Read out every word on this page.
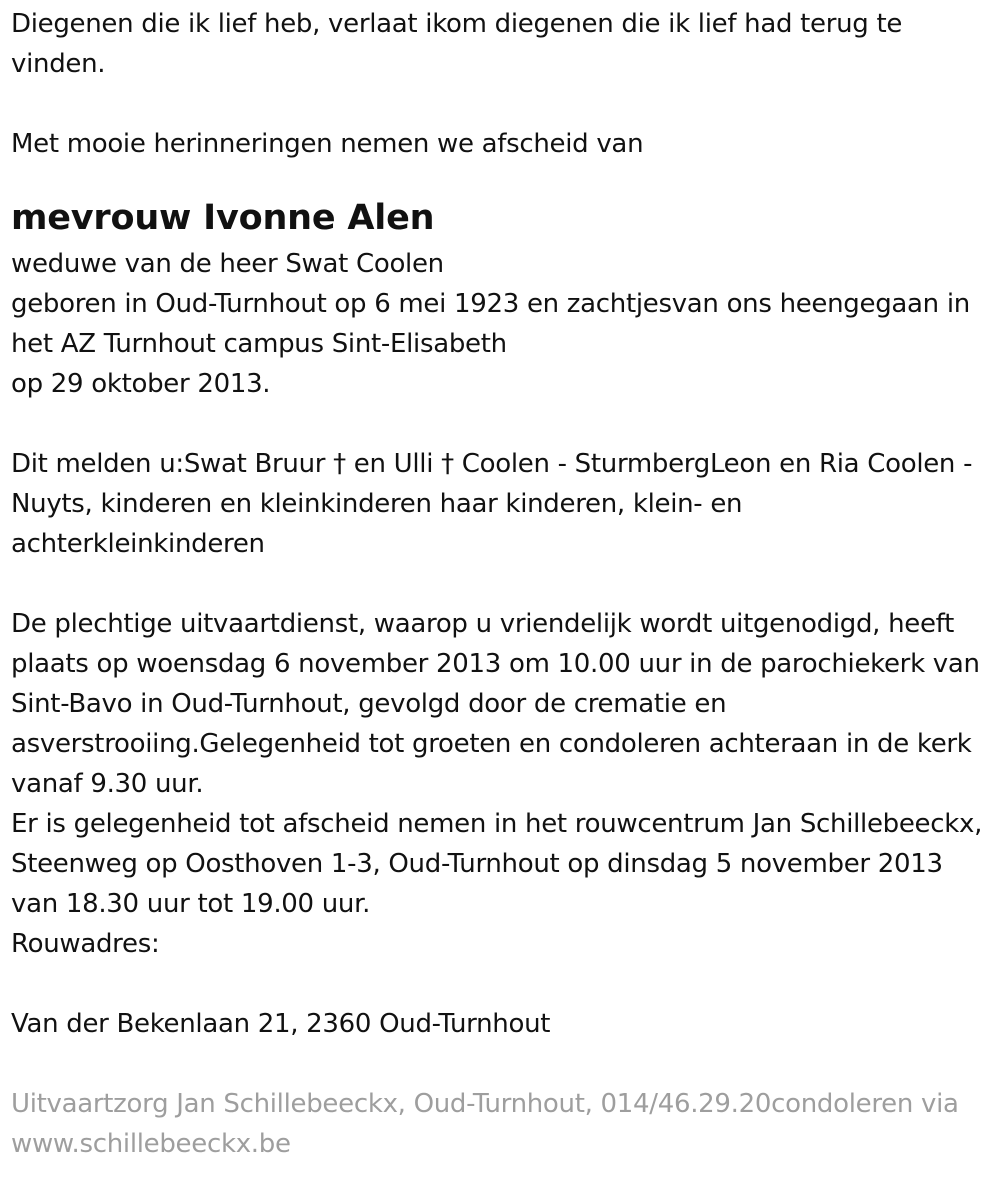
Diegenen die ik lief heb, verlaat ikom diegenen die ik lief had terug te vinden.

Met mooie herinneringen nemen we afscheid van

mevrouw Ivonne Alen

weduwe van de heer Swat Coolen
geboren in Oud-Turnhout op 6 mei 1923 en zachtjesvan ons heengegaan in het AZ Turnhout campus Sint-Elisabeth
op 29 oktober 2013.

Dit melden u:Swat Bruur † en Ulli † Coolen - SturmbergLeon en Ria Coolen - Nuyts, kinderen en kleinkinderen haar kinderen, klein- en achterkleinkinderen

De plechtige uitvaartdienst, waarop u vriendelijk wordt uitgenodigd, heeft plaats op woensdag 6 november 2013 om 10.00 uur in de parochiekerk van Sint-Bavo in Oud-Turnhout, gevolgd door de crematie en asverstrooiing.Gelegenheid tot groeten en condoleren achteraan in de kerk vanaf 9.30 uur.
Er is gelegenheid tot afscheid nemen in het rouwcentrum Jan Schillebeeckx, Steenweg op Oosthoven 1-3, Oud-Turnhout op dinsdag 5 november 2013 van 18.30 uur tot 19.00 uur.
Rouwadres:

Van der Bekenlaan 21, 2360 Oud-Turnhout

Uitvaartzorg Jan Schillebeeckx, Oud-Turnhout, 014/46.29.20condoleren via www.schillebeeckx.be
